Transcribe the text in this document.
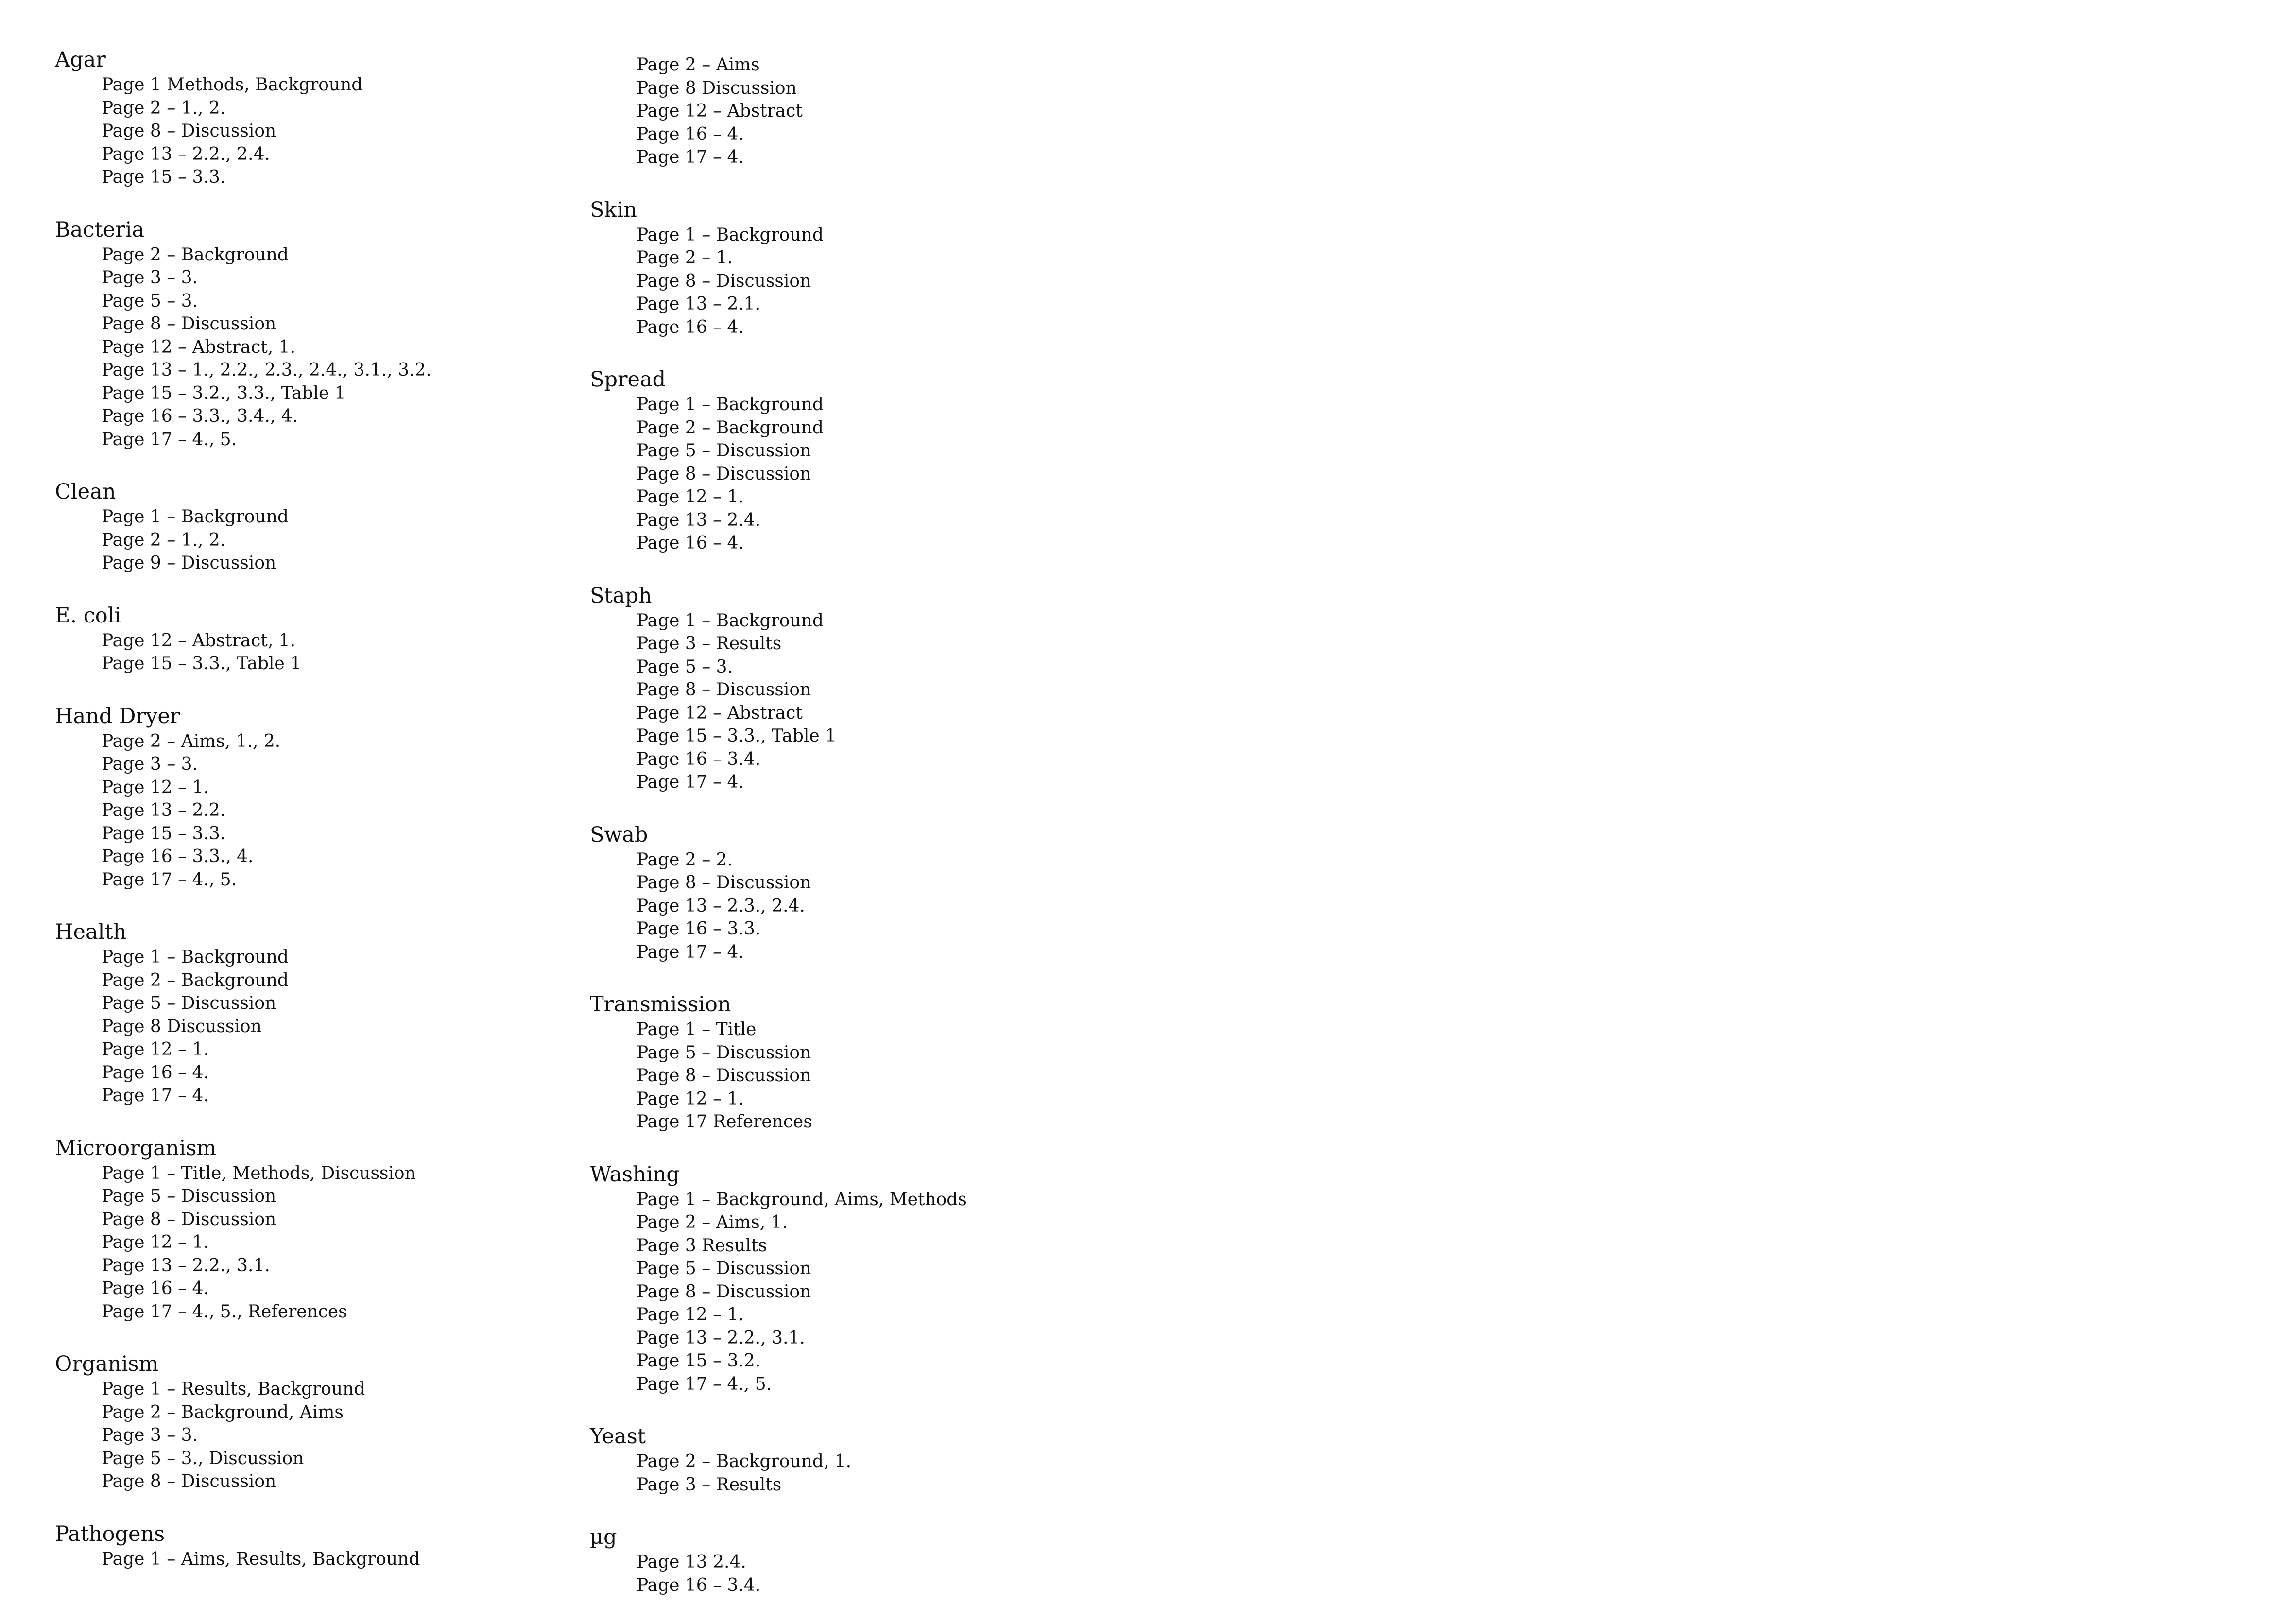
Agar
Page 1 Methods, Background
Page 2 – 1., 2.
Page 8 – Discussion
Page 13 – 2.2., 2.4.
Page 15 – 3.3.
Bacteria
Page 2 – Background
Page 3 – 3.
Page 5 – 3.
Page 8 – Discussion
Page 12 – Abstract, 1.
Page 13 – 1., 2.2., 2.3., 2.4., 3.1., 3.2.
Page 15 – 3.2., 3.3., Table 1
Page 16 – 3.3., 3.4., 4.
Page 17 – 4., 5.
Clean
Page 1 – Background
Page 2 – 1., 2.
Page 9 – Discussion
E. coli
Page 12 – Abstract, 1.
Page 15 – 3.3., Table 1
Hand Dryer
Page 2 – Aims, 1., 2.
Page 3 – 3.
Page 12 – 1.
Page 13 – 2.2.
Page 15 – 3.3.
Page 16 – 3.3., 4.
Page 17 – 4., 5.
Health
Page 1 – Background
Page 2 – Background
Page 5 – Discussion
Page 8 Discussion
Page 12 – 1.
Page 16 – 4.
Page 17 – 4.
Microorganism
Page 1 – Title, Methods, Discussion
Page 5 – Discussion
Page 8 – Discussion
Page 12 – 1.
Page 13 – 2.2., 3.1.
Page 16 – 4.
Page 17 – 4., 5., References
Organism
Page 1 – Results, Background
Page 2 – Background, Aims
Page 3 – 3.
Page 5 – 3., Discussion
Page 8 – Discussion
Pathogens
Page 1 – Aims, Results, Background
Page 2 – Aims
Page 8 Discussion
Page 12 – Abstract
Page 16 – 4.
Page 17 – 4.
Skin
Page 1 – Background
Page 2 – 1.
Page 8 – Discussion
Page 13 – 2.1.
Page 16 – 4.
Spread
Page 1 – Background
Page 2 – Background
Page 5 – Discussion
Page 8 – Discussion
Page 12 – 1.
Page 13 – 2.4.
Page 16 – 4.
Staph
Page 1 – Background
Page 3 – Results
Page 5 – 3.
Page 8 – Discussion
Page 12 – Abstract
Page 15 – 3.3., Table 1
Page 16 – 3.4.
Page 17 – 4.
Swab
Page 2 – 2.
Page 8 – Discussion
Page 13 – 2.3., 2.4.
Page 16 – 3.3.
Page 17 – 4.
Transmission
Page 1 – Title
Page 5 – Discussion
Page 8 – Discussion
Page 12 – 1.
Page 17 References
Washing
Page 1 – Background, Aims, Methods
Page 2 – Aims, 1.
Page 3 Results
Page 5 – Discussion
Page 8 – Discussion
Page 12 – 1.
Page 13 – 2.2., 3.1.
Page 15 – 3.2.
Page 17 – 4., 5.
Yeast
Page 2 – Background, 1.
Page 3 – Results
µg
Page 13 2.4.
Page 16 – 3.4.
